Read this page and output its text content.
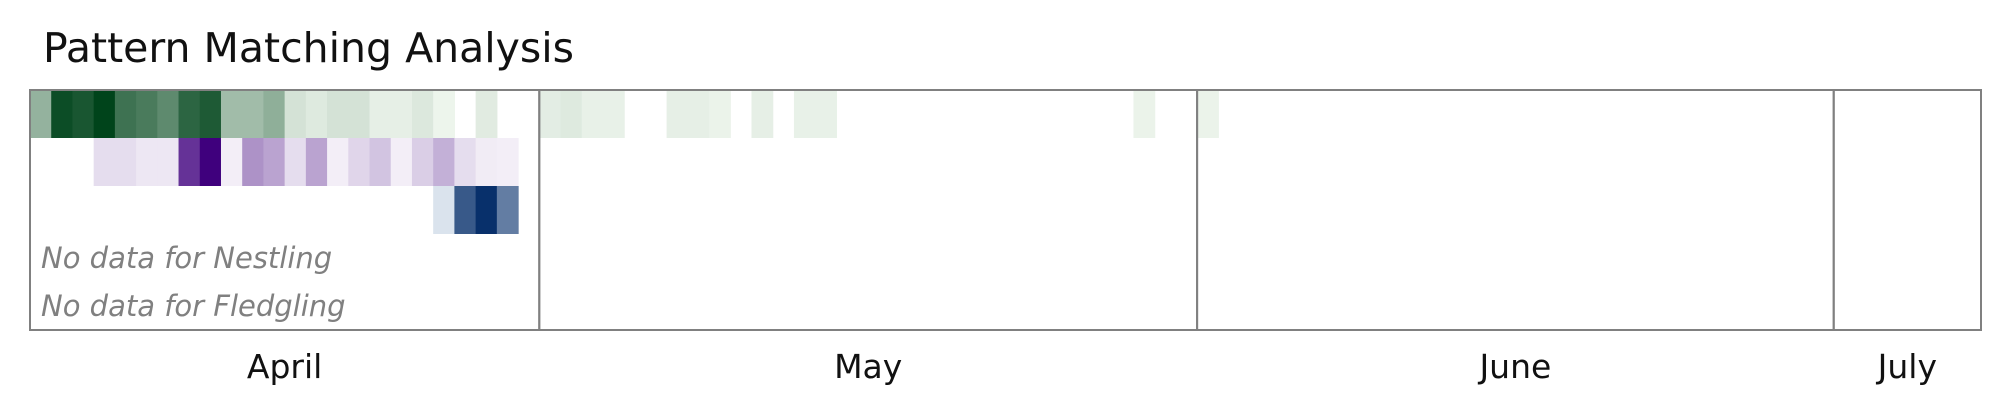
Pattern Matching Analysis
No data for Nestling
No data for Fledgling
April	May	June	July
